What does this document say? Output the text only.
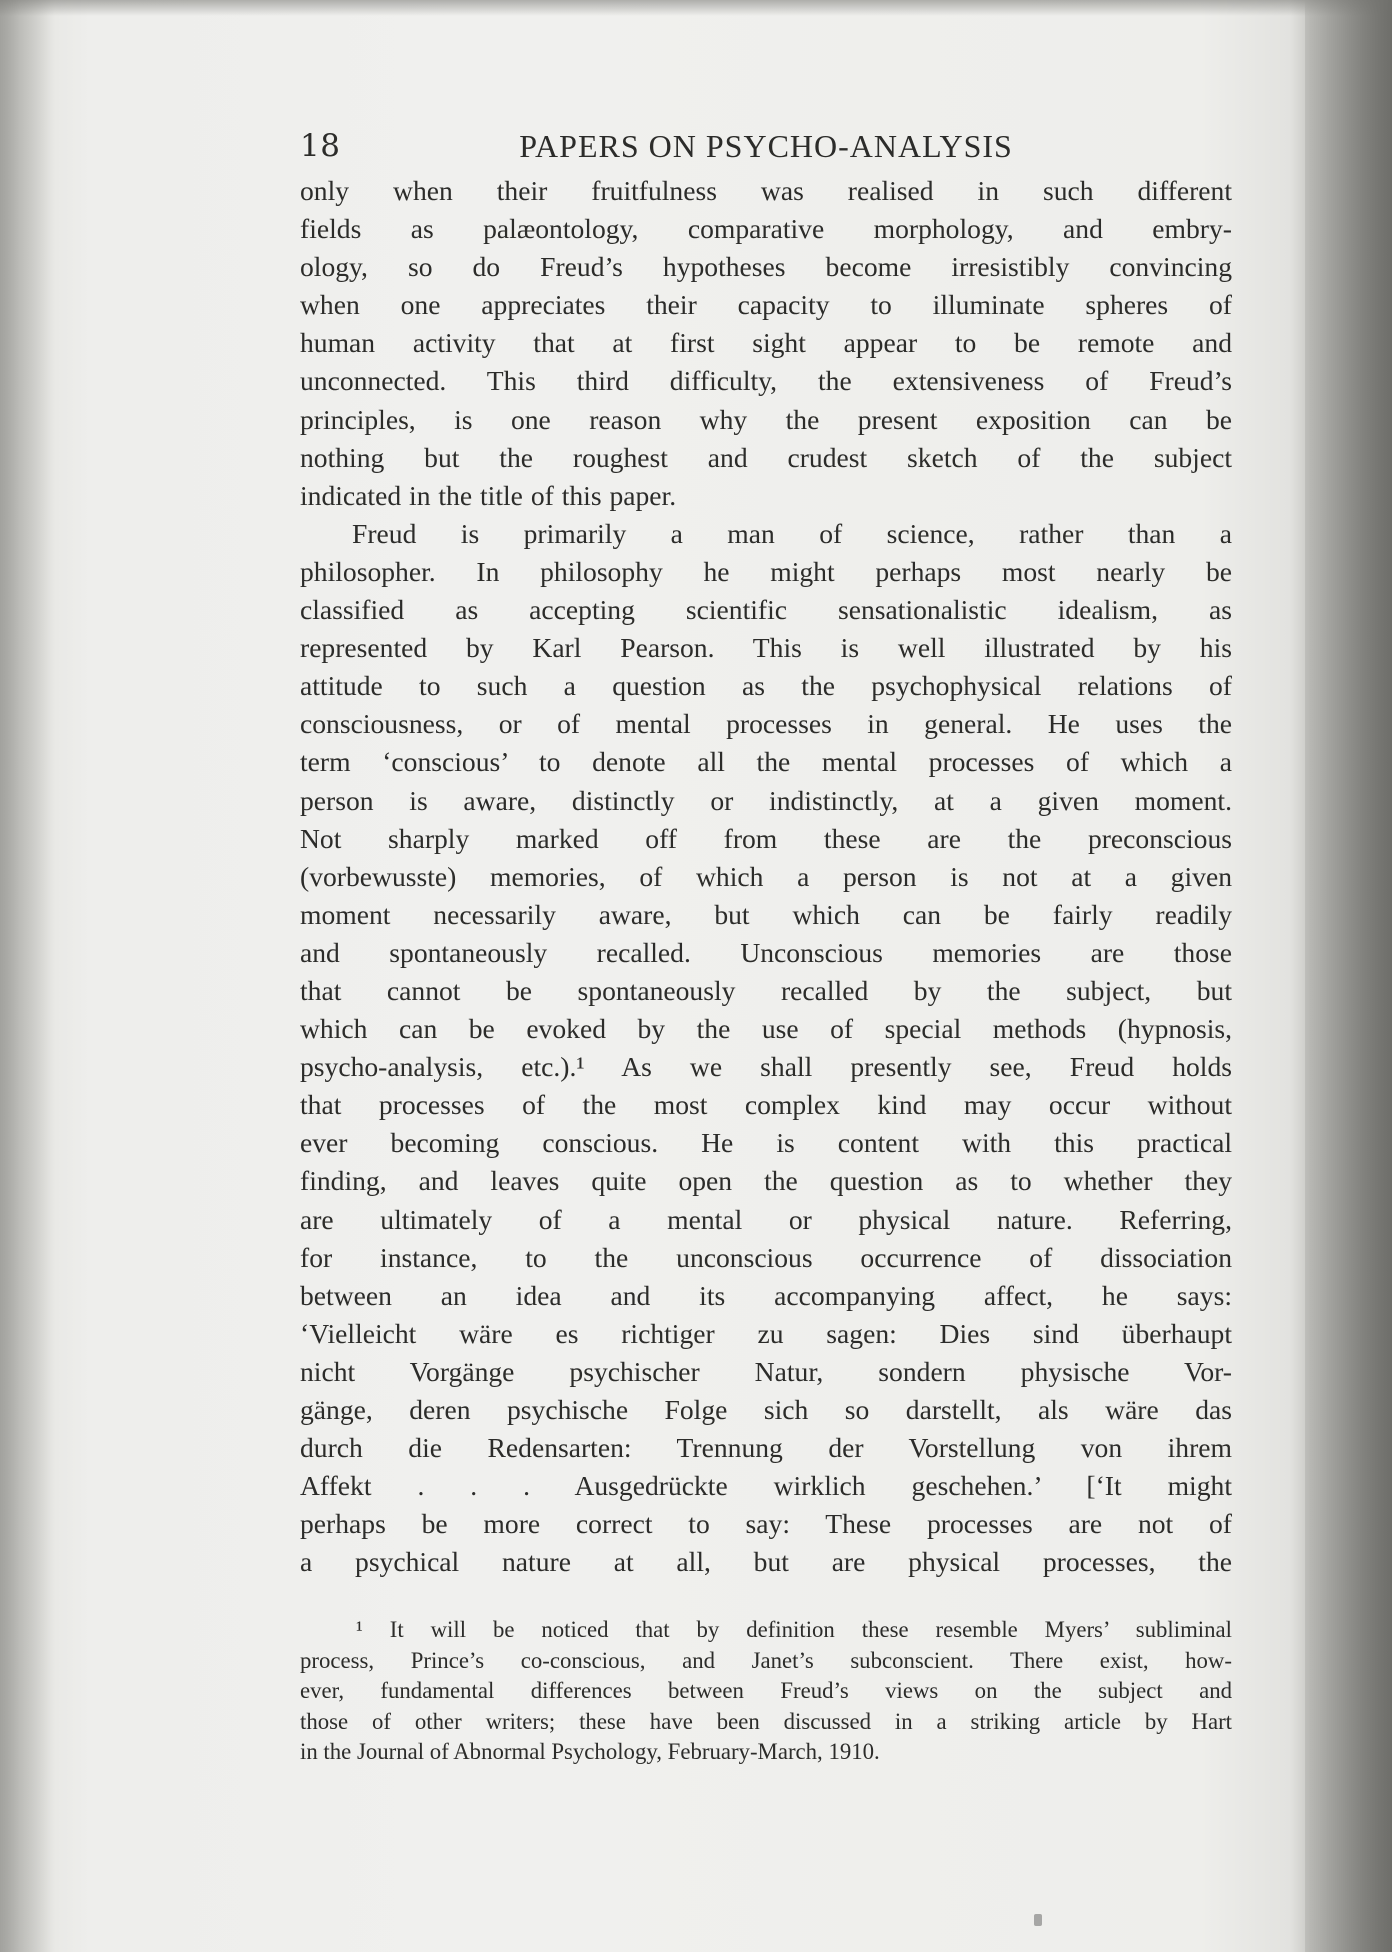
18	PAPERS ON PSYCHO-ANALYSIS
only when their fruitfulness was realised in such different
fields as palæontology, comparative morphology, and embry-
ology, so do Freud’s hypotheses become irresistibly convincing
when one appreciates their capacity to illuminate spheres of
human activity that at first sight appear to be remote and
unconnected. This third difficulty, the extensiveness of Freud’s
principles, is one reason why the present exposition can be
nothing but the roughest and crudest sketch of the subject
indicated in the title of this paper.
Freud is primarily a man of science, rather than a
philosopher. In philosophy he might perhaps most nearly be
classified as accepting scientific sensationalistic idealism, as
represented by Karl Pearson. This is well illustrated by his
attitude to such a question as the psychophysical relations of
consciousness, or of mental processes in general. He uses the
term ‘conscious’ to denote all the mental processes of which a
person is aware, distinctly or indistinctly, at a given moment.
Not sharply marked off from these are the preconscious
(vorbewusste) memories, of which a person is not at a given
moment necessarily aware, but which can be fairly readily
and spontaneously recalled. Unconscious memories are those
that cannot be spontaneously recalled by the subject, but
which can be evoked by the use of special methods (hypnosis,
psycho-analysis, etc.).¹ As we shall presently see, Freud holds
that processes of the most complex kind may occur without
ever becoming conscious. He is content with this practical
finding, and leaves quite open the question as to whether they
are ultimately of a mental or physical nature. Referring,
for instance, to the unconscious occurrence of dissociation
between an idea and its accompanying affect, he says:
‘Vielleicht wäre es richtiger zu sagen: Dies sind überhaupt
nicht Vorgänge psychischer Natur, sondern physische Vor-
gänge, deren psychische Folge sich so darstellt, als wäre das
durch die Redensarten: Trennung der Vorstellung von ihrem
Affekt . . . Ausgedrückte wirklich geschehen.’ [‘It might
perhaps be more correct to say: These processes are not of
a psychical nature at all, but are physical processes, the
¹ It will be noticed that by definition these resemble Myers’ subliminal
process, Prince’s co-conscious, and Janet’s subconscient. There exist, how-
ever, fundamental differences between Freud’s views on the subject and
those of other writers; these have been discussed in a striking article by Hart
in the Journal of Abnormal Psychology, February-March, 1910.
